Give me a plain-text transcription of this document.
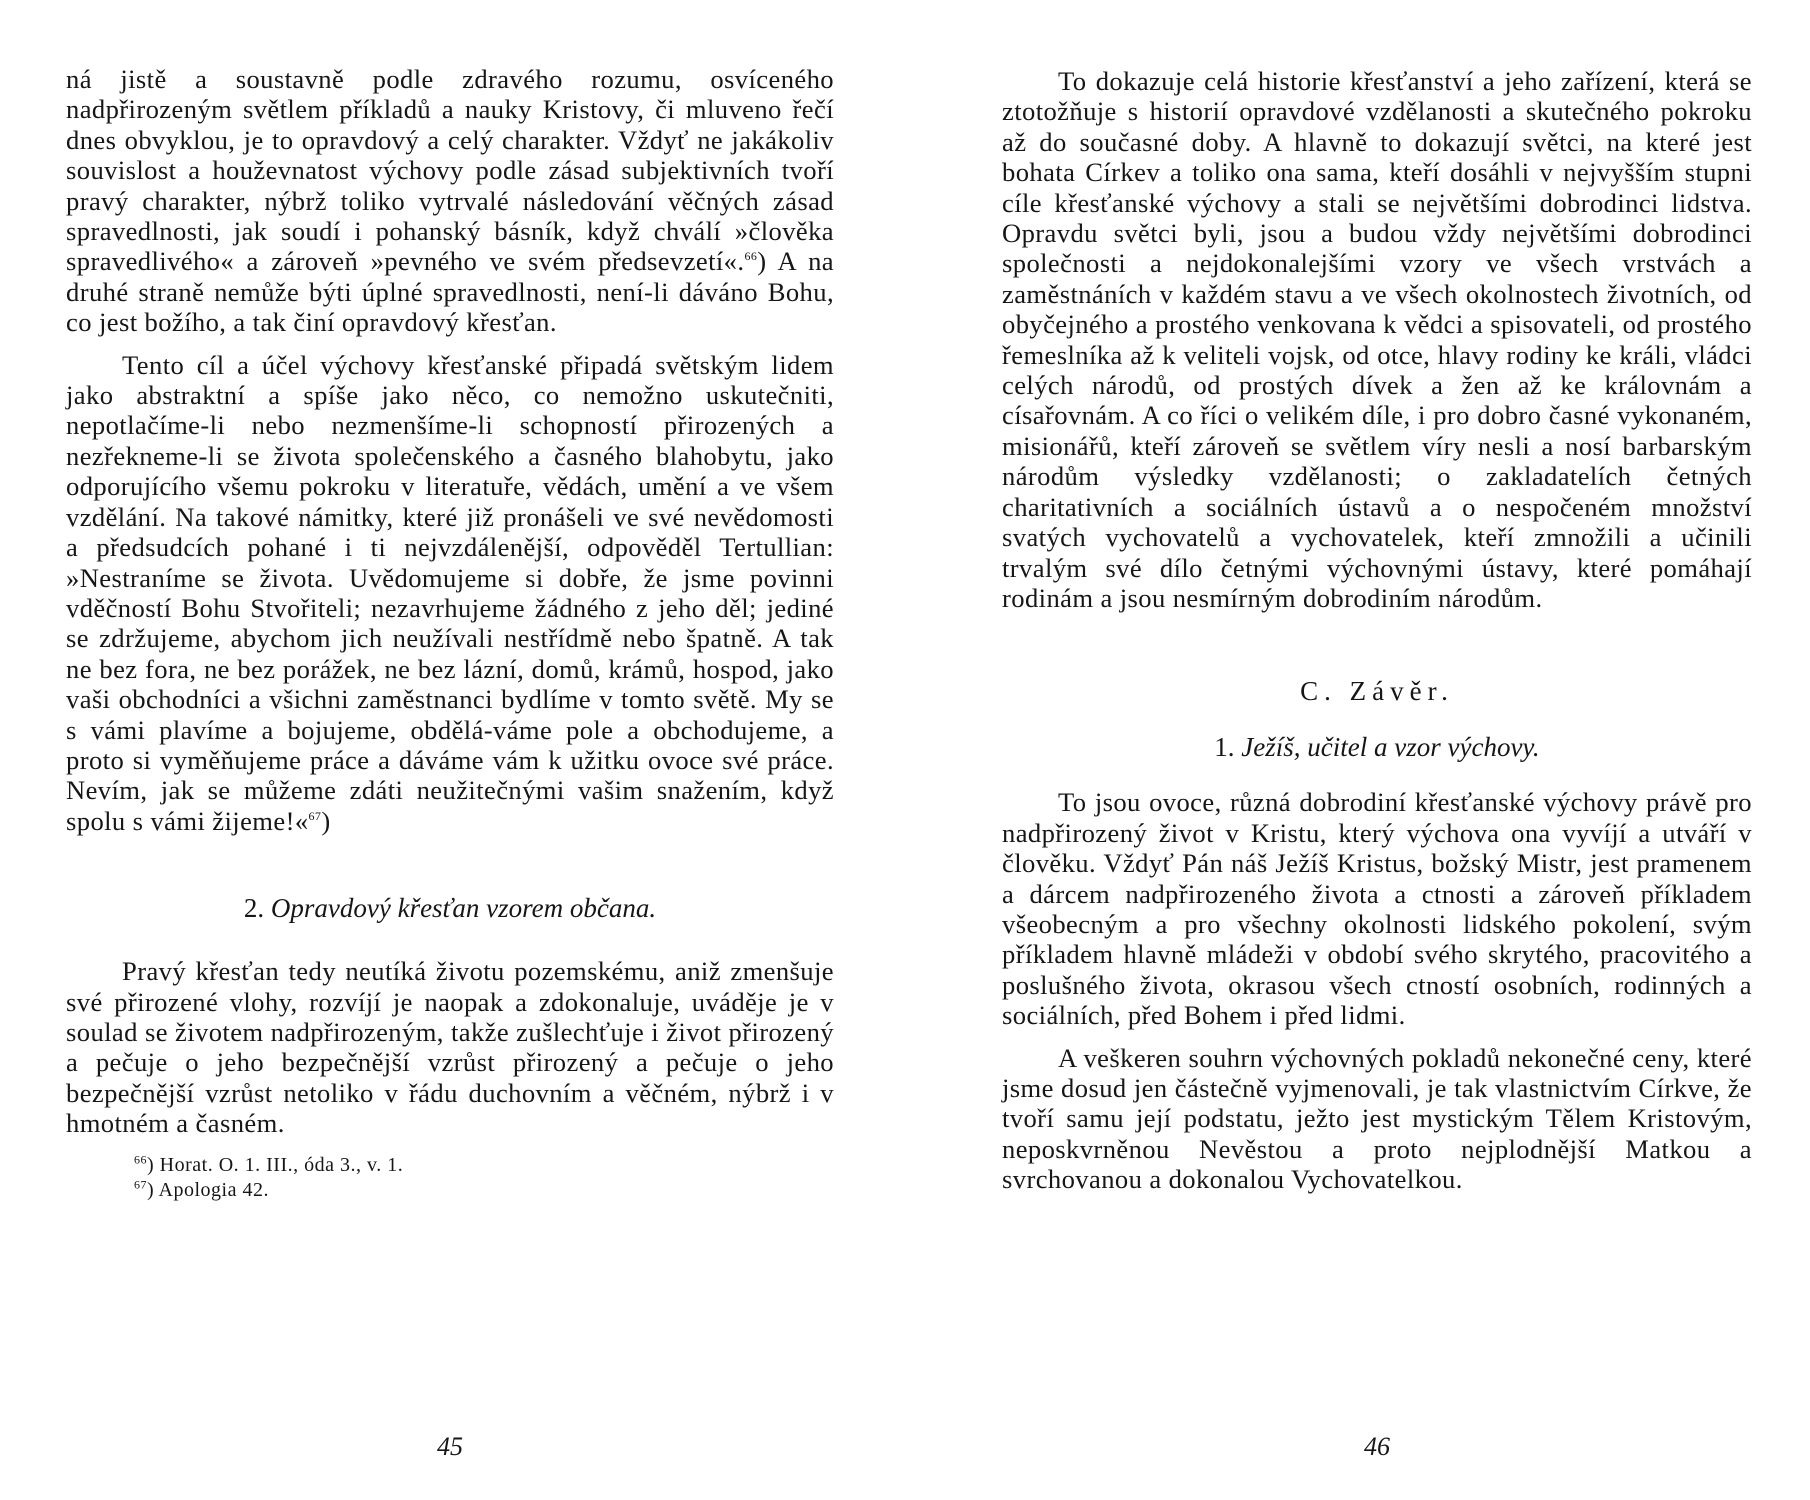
ná jistě a soustavně podle zdravého rozumu, osvíceného nadpřirozeným světlem příkladů a nauky Kristovy, či mluveno řečí dnes obvyklou, je to opravdový a celý charakter. Vždyť ne jakákoliv souvislost a houževnatost výchovy podle zásad subjektivních tvoří pravý charakter, nýbrž toliko vytrvalé následování věčných zásad spravedlnosti, jak soudí i pohanský básník, když chválí »člověka spravedlivého« a zároveň »pevného ve svém předsevzetí«.$^{66}$) A na druhé straně nemůže býti úplné spravedlnosti, není-li dáváno Bohu, co jest božího, a tak činí opravdový křesťan.

Tento cíl a účel výchovy křesťanské připadá světským lidem jako abstraktní a spíše jako něco, co nemožno uskutečniti, nepotlačíme-li nebo nezmenšíme-li schopností přirozených a nezřekneme-li se života společenského a časného blahobytu, jako odporujícího všemu pokroku v literatuře, vědách, umění a ve všem vzdělání. Na takové námitky, které již pronášeli ve své nevědomosti a předsudcích pohané i ti nejvzdálenější, odpověděl Tertullian: »Nestraníme se života. Uvědomujeme si dobře, že jsme povinni vděčností Bohu Stvořiteli; nezavrhujeme žádného z jeho děl; jediné se zdržujeme, abychom jich neužívali nestřídmě nebo špatně. A tak ne bez fora, ne bez porážek, ne bez lázní, domů, krámů, hospod, jako vaši obchodníci a všichni zaměstnanci bydlíme v tomto světě. My se s vámi plavíme a bojujeme, obdělá-váme pole a obchodujeme, a proto si vyměňujeme práce a dáváme vám k užitku ovoce své práce. Nevím, jak se můžeme zdáti neužitečnými vašim snažením, když spolu s vámi žijeme!«$^{67}$)

2. Opravdový křesťan vzorem občana.

Pravý křesťan tedy neutíká životu pozemskému, aniž zmenšuje své přirozené vlohy, rozvíjí je naopak a zdokonaluje, uváděje je v soulad se životem nadpřirozeným, takže zušlechťuje i život přirozený a pečuje o jeho bezpečnější vzrůst přirozený a pečuje o jeho bezpečnější vzrůst netoliko v řádu duchovním a věčném, nýbrž i v hmotném a časném.

$^{66}$) Horat. O. 1. III., óda 3., v. 1.
$^{67}$) Apologia 42.
45

To dokazuje celá historie křesťanství a jeho zařízení, která se ztotožňuje s historií opravdové vzdělanosti a skutečného pokroku až do současné doby. A hlavně to dokazují světci, na které jest bohata Církev a toliko ona sama, kteří dosáhli v nejvyšším stupni cíle křesťanské výchovy a stali se největšími dobrodinci lidstva. Opravdu světci byli, jsou a budou vždy největšími dobrodinci společnosti a nejdokonalejšími vzory ve všech vrstvách a zaměstnáních v každém stavu a ve všech okolnostech životních, od obyčejného a prostého venkovana k vědci a spisovateli, od prostého řemeslníka až k veliteli vojsk, od otce, hlavy rodiny ke králi, vládci celých národů, od prostých dívek a žen až ke královnám a císařovnám. A co říci o velikém díle, i pro dobro časné vykonaném, misionářů, kteří zároveň se světlem víry nesli a nosí barbarským národům výsledky vzdělanosti; o zakladatelích četných charitativních a sociálních ústavů a o nespočeném množství svatých vychovatelů a vychovatelek, kteří zmnožili a učinili trvalým své dílo četnými výchovnými ústavy, které pomáhají rodinám a jsou nesmírným dobrodiním národům.

C. Závěr.
1. Ježíš, učitel a vzor výchovy.

To jsou ovoce, různá dobrodiní křesťanské výchovy právě pro nadpřirozený život v Kristu, který výchova ona vyvíjí a utváří v člověku. Vždyť Pán náš Ježíš Kristus, božský Mistr, jest pramenem a dárcem nadpřirozeného života a ctnosti a zároveň příkladem všeobecným a pro všechny okolnosti lidského pokolení, svým příkladem hlavně mládeži v období svého skrytého, pracovitého a poslušného života, okrasou všech ctností osobních, rodinných a sociálních, před Bohem i před lidmi.

A veškeren souhrn výchovných pokladů nekonečné ceny, které jsme dosud jen částečně vyjmenovali, je tak vlastnictvím Církve, že tvoří samu její podstatu, ježto jest mystickým Tělem Kristovým, neposkvrněnou Nevěstou a proto nejplodnější Matkou a svrchovanou a dokonalou Vychovatelkou.

46
